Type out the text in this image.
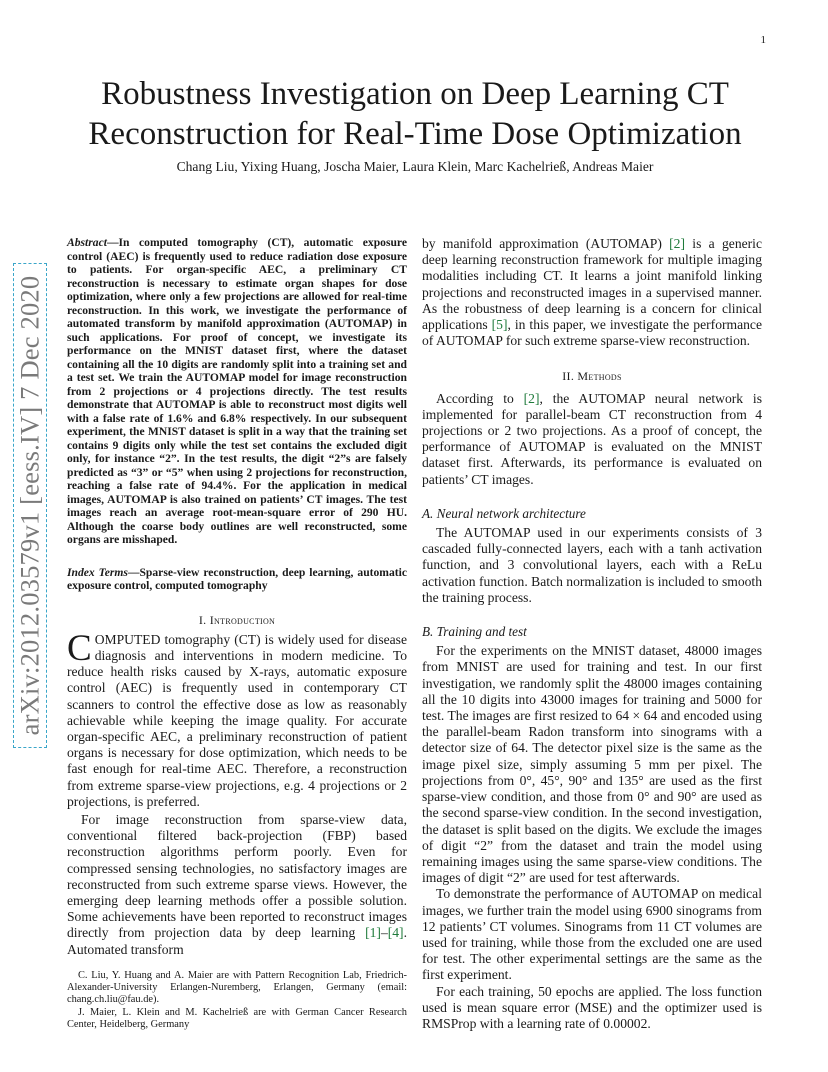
1
arXiv:2012.03579v1 [eess.IV] 7 Dec 2020
Robustness Investigation on Deep Learning CT
Reconstruction for Real-Time Dose Optimization
Chang Liu, Yixing Huang, Joscha Maier, Laura Klein, Marc Kachelrieß, Andreas Maier

Abstract—In computed tomography (CT), automatic exposure control (AEC) is frequently used to reduce radiation dose exposure to patients. For organ-specific AEC, a preliminary CT reconstruction is necessary to estimate organ shapes for dose optimization, where only a few projections are allowed for real-time reconstruction. In this work, we investigate the performance of automated transform by manifold approximation (AUTOMAP) in such applications. For proof of concept, we investigate its performance on the MNIST dataset first, where the dataset containing all the 10 digits are randomly split into a training set and a test set. We train the AUTOMAP model for image reconstruction from 2 projections or 4 projections directly. The test results demonstrate that AUTOMAP is able to reconstruct most digits well with a false rate of 1.6% and 6.8% respectively. In our subsequent experiment, the MNIST dataset is split in a way that the training set contains 9 digits only while the test set contains the excluded digit only, for instance “2”. In the test results, the digit “2”s are falsely predicted as “3” or “5” when using 2 projections for reconstruction, reaching a false rate of 94.4%. For the application in medical images, AUTOMAP is also trained on patients’ CT images. The test images reach an average root-mean-square error of 290 HU. Although the coarse body outlines are well reconstructed, some organs are misshaped.

Index Terms—Sparse-view reconstruction, deep learning, automatic exposure control, computed tomography

I. Introduction

COMPUTED tomography (CT) is widely used for disease diagnosis and interventions in modern medicine. To reduce health risks caused by X-rays, automatic exposure control (AEC) is frequently used in contemporary CT scanners to control the effective dose as low as reasonably achievable while keeping the image quality. For accurate organ-specific AEC, a preliminary reconstruction of patient organs is necessary for dose optimization, which needs to be fast enough for real-time AEC. Therefore, a reconstruction from extreme sparse-view projections, e.g. 4 projections or 2 projections, is preferred.

For image reconstruction from sparse-view data, conventional filtered back-projection (FBP) based reconstruction algorithms perform poorly. Even for compressed sensing technologies, no satisfactory images are reconstructed from such extreme sparse views. However, the emerging deep learning methods offer a possible solution. Some achievements have been reported to reconstruct images directly from projection data by deep learning [1]–[4]. Automated transform

C. Liu, Y. Huang and A. Maier are with Pattern Recognition Lab, Friedrich-Alexander-University Erlangen-Nuremberg, Erlangen, Germany (email: chang.ch.liu@fau.de).

J. Maier, L. Klein and M. Kachelrieß are with German Cancer Research Center, Heidelberg, Germany

by manifold approximation (AUTOMAP) [2] is a generic deep learning reconstruction framework for multiple imaging modalities including CT. It learns a joint manifold linking projections and reconstructed images in a supervised manner. As the robustness of deep learning is a concern for clinical applications [5], in this paper, we investigate the performance of AUTOMAP for such extreme sparse-view reconstruction.

II. Methods

According to [2], the AUTOMAP neural network is implemented for parallel-beam CT reconstruction from 4 projections or 2 two projections. As a proof of concept, the performance of AUTOMAP is evaluated on the MNIST dataset first. Afterwards, its performance is evaluated on patients’ CT images.

A. Neural network architecture

The AUTOMAP used in our experiments consists of 3 cascaded fully-connected layers, each with a tanh activation function, and 3 convolutional layers, each with a ReLu activation function. Batch normalization is included to smooth the training process.

B. Training and test

For the experiments on the MNIST dataset, 48000 images from MNIST are used for training and test. In our first investigation, we randomly split the 48000 images containing all the 10 digits into 43000 images for training and 5000 for test. The images are first resized to 64 × 64 and encoded using the parallel-beam Radon transform into sinograms with a detector size of 64. The detector pixel size is the same as the image pixel size, simply assuming 5 mm per pixel. The projections from 0°, 45°, 90° and 135° are used as the first sparse-view condition, and those from 0° and 90° are used as the second sparse-view condition. In the second investigation, the dataset is split based on the digits. We exclude the images of digit “2” from the dataset and train the model using remaining images using the same sparse-view conditions. The images of digit “2” are used for test afterwards.

To demonstrate the performance of AUTOMAP on medical images, we further train the model using 6900 sinograms from 12 patients’ CT volumes. Sinograms from 11 CT volumes are used for training, while those from the excluded one are used for test. The other experimental settings are the same as the first experiment.

For each training, 50 epochs are applied. The loss function used is mean square error (MSE) and the optimizer used is RMSProp with a learning rate of 0.00002.
